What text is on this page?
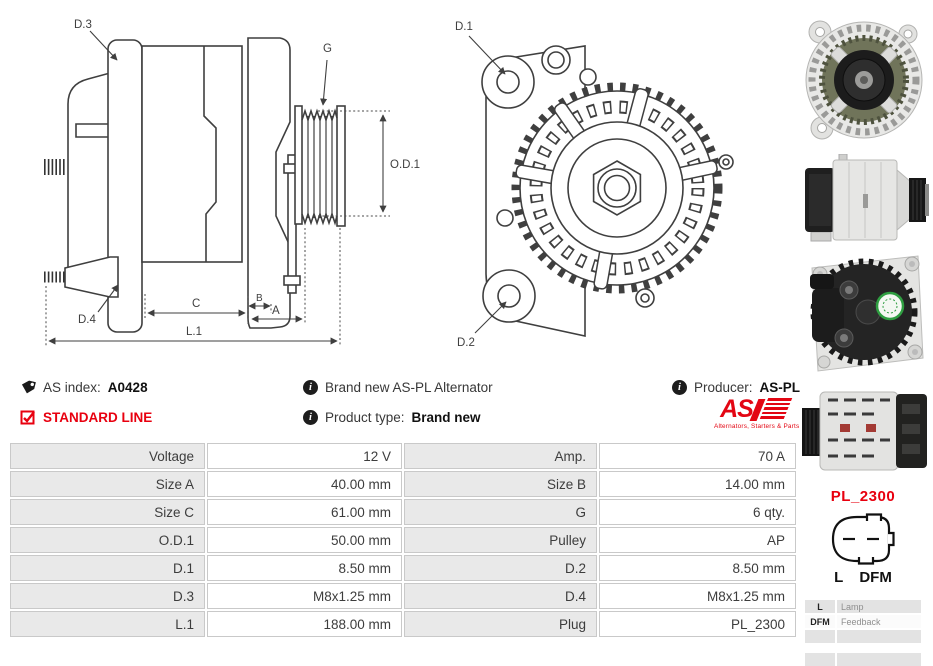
D.3
G
O.D.1
D.4
C	B
A
L.1
D.1
D.2
AS index: A0428	i Brand new AS-PL Alternator	i Producer: AS-PL
STANDARD LINE	i Product type: Brand new	AS
Alternators, Starters & Parts
Voltage	12 V	Amp.	70 A
Size A	40.00 mm	Size B	14.00 mm
Size C	61.00 mm	G	6 qty.
O.D.1	50.00 mm	Pulley	AP
D.1	8.50 mm	D.2	8.50 mm
D.3	M8x1.25 mm	D.4	M8x1.25 mm
L.1	188.00 mm	Plug	PL_2300
PL_2300
L DFM
L	Lamp
DFM	Feedback
